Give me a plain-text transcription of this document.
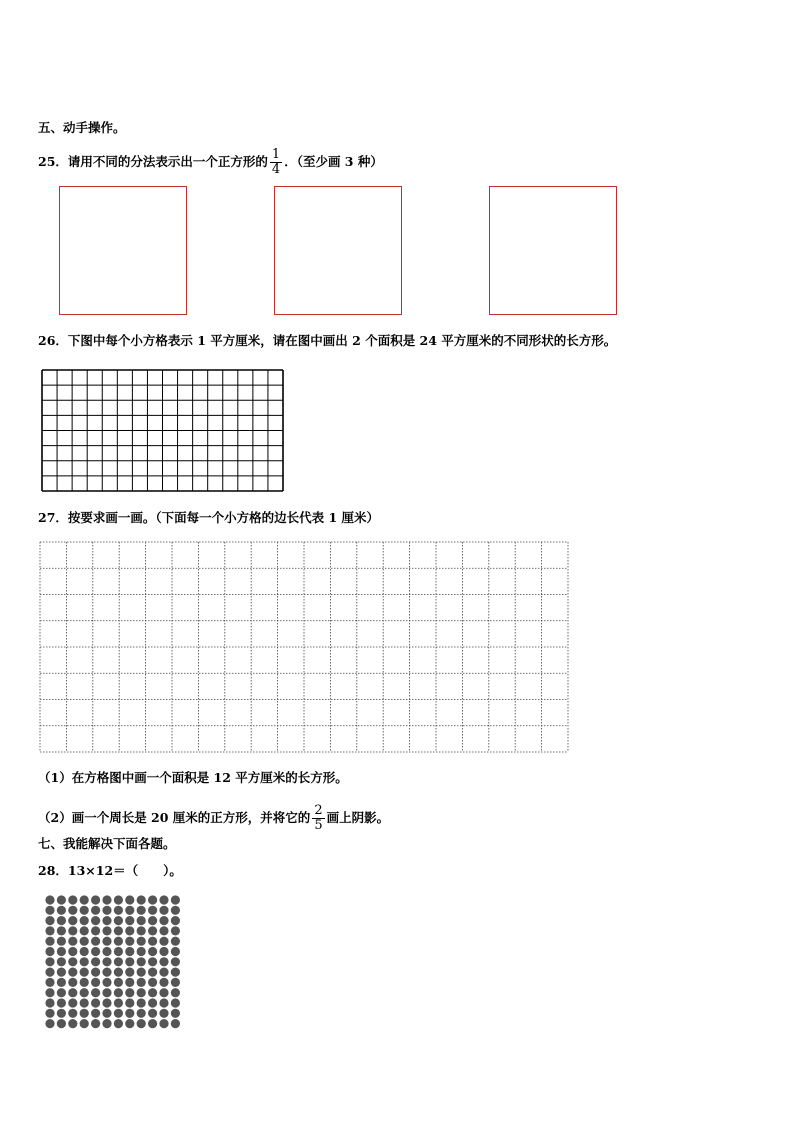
五、动手操作。
25．请用不同的分法表示出一个正方形的 $\frac{1}{4}$ ．（至少画 3 种）
26．下图中每个小方格表示 1 平方厘米，请在图中画出 2 个面积是 24 平方厘米的不同形状的长方形。
27．按要求画一画。（下面每一个小方格的边长代表 1 厘米）
（1）在方格图中画一个面积是 12 平方厘米的长方形。
（2）画一个周长是 20 厘米的正方形，并将它的 $\frac{2}{5}$ 画上阴影。
七、我能解决下面各题。
28．13×12＝（　　）。
